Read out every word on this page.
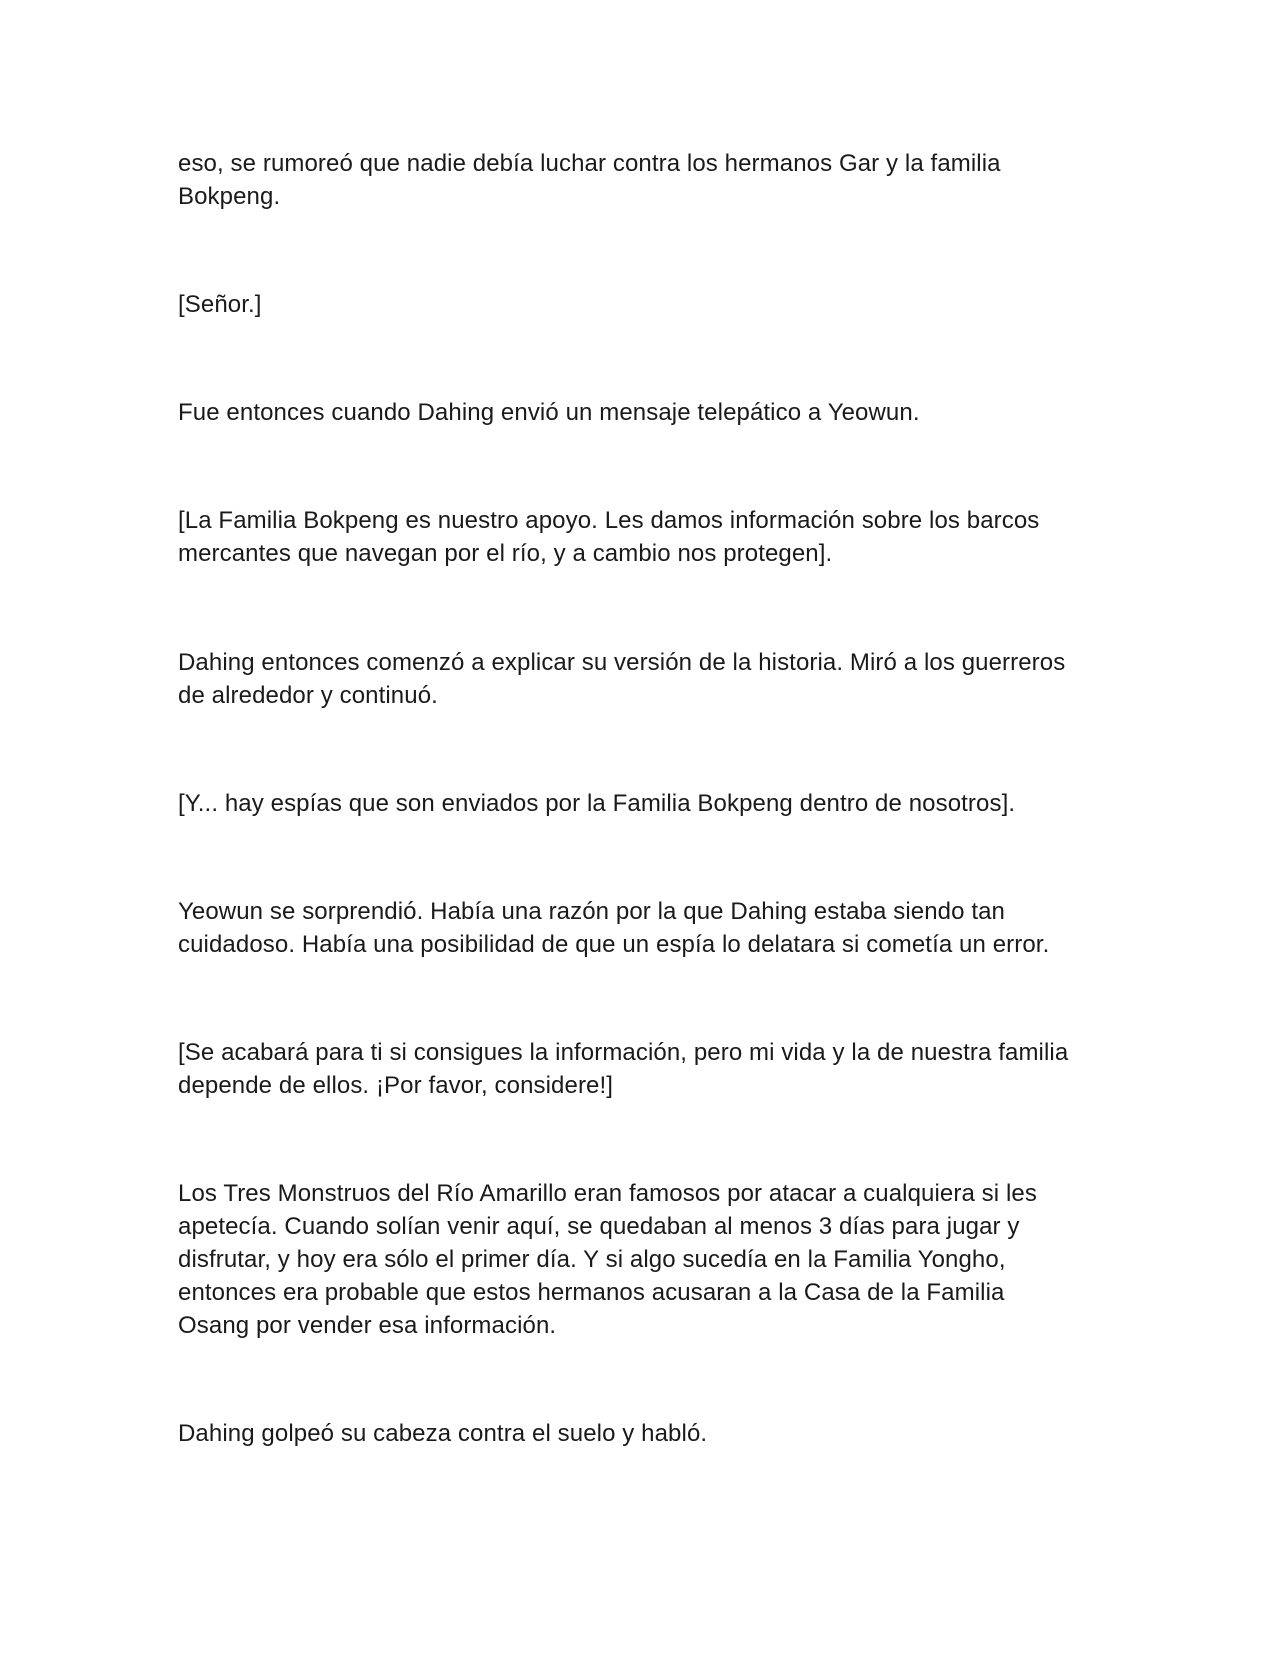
eso, se rumoreó que nadie debía luchar contra los hermanos Gar y la familia
Bokpeng.

[Señor.]

Fue entonces cuando Dahing envió un mensaje telepático a Yeowun.

[La Familia Bokpeng es nuestro apoyo. Les damos información sobre los barcos
mercantes que navegan por el río, y a cambio nos protegen].

Dahing entonces comenzó a explicar su versión de la historia. Miró a los guerreros
de alrededor y continuó.

[Y... hay espías que son enviados por la Familia Bokpeng dentro de nosotros].

Yeowun se sorprendió. Había una razón por la que Dahing estaba siendo tan
cuidadoso. Había una posibilidad de que un espía lo delatara si cometía un error.

[Se acabará para ti si consigues la información, pero mi vida y la de nuestra familia
depende de ellos. ¡Por favor, considere!]

Los Tres Monstruos del Río Amarillo eran famosos por atacar a cualquiera si les
apetecía. Cuando solían venir aquí, se quedaban al menos 3 días para jugar y
disfrutar, y hoy era sólo el primer día. Y si algo sucedía en la Familia Yongho,
entonces era probable que estos hermanos acusaran a la Casa de la Familia
Osang por vender esa información.

Dahing golpeó su cabeza contra el suelo y habló.
